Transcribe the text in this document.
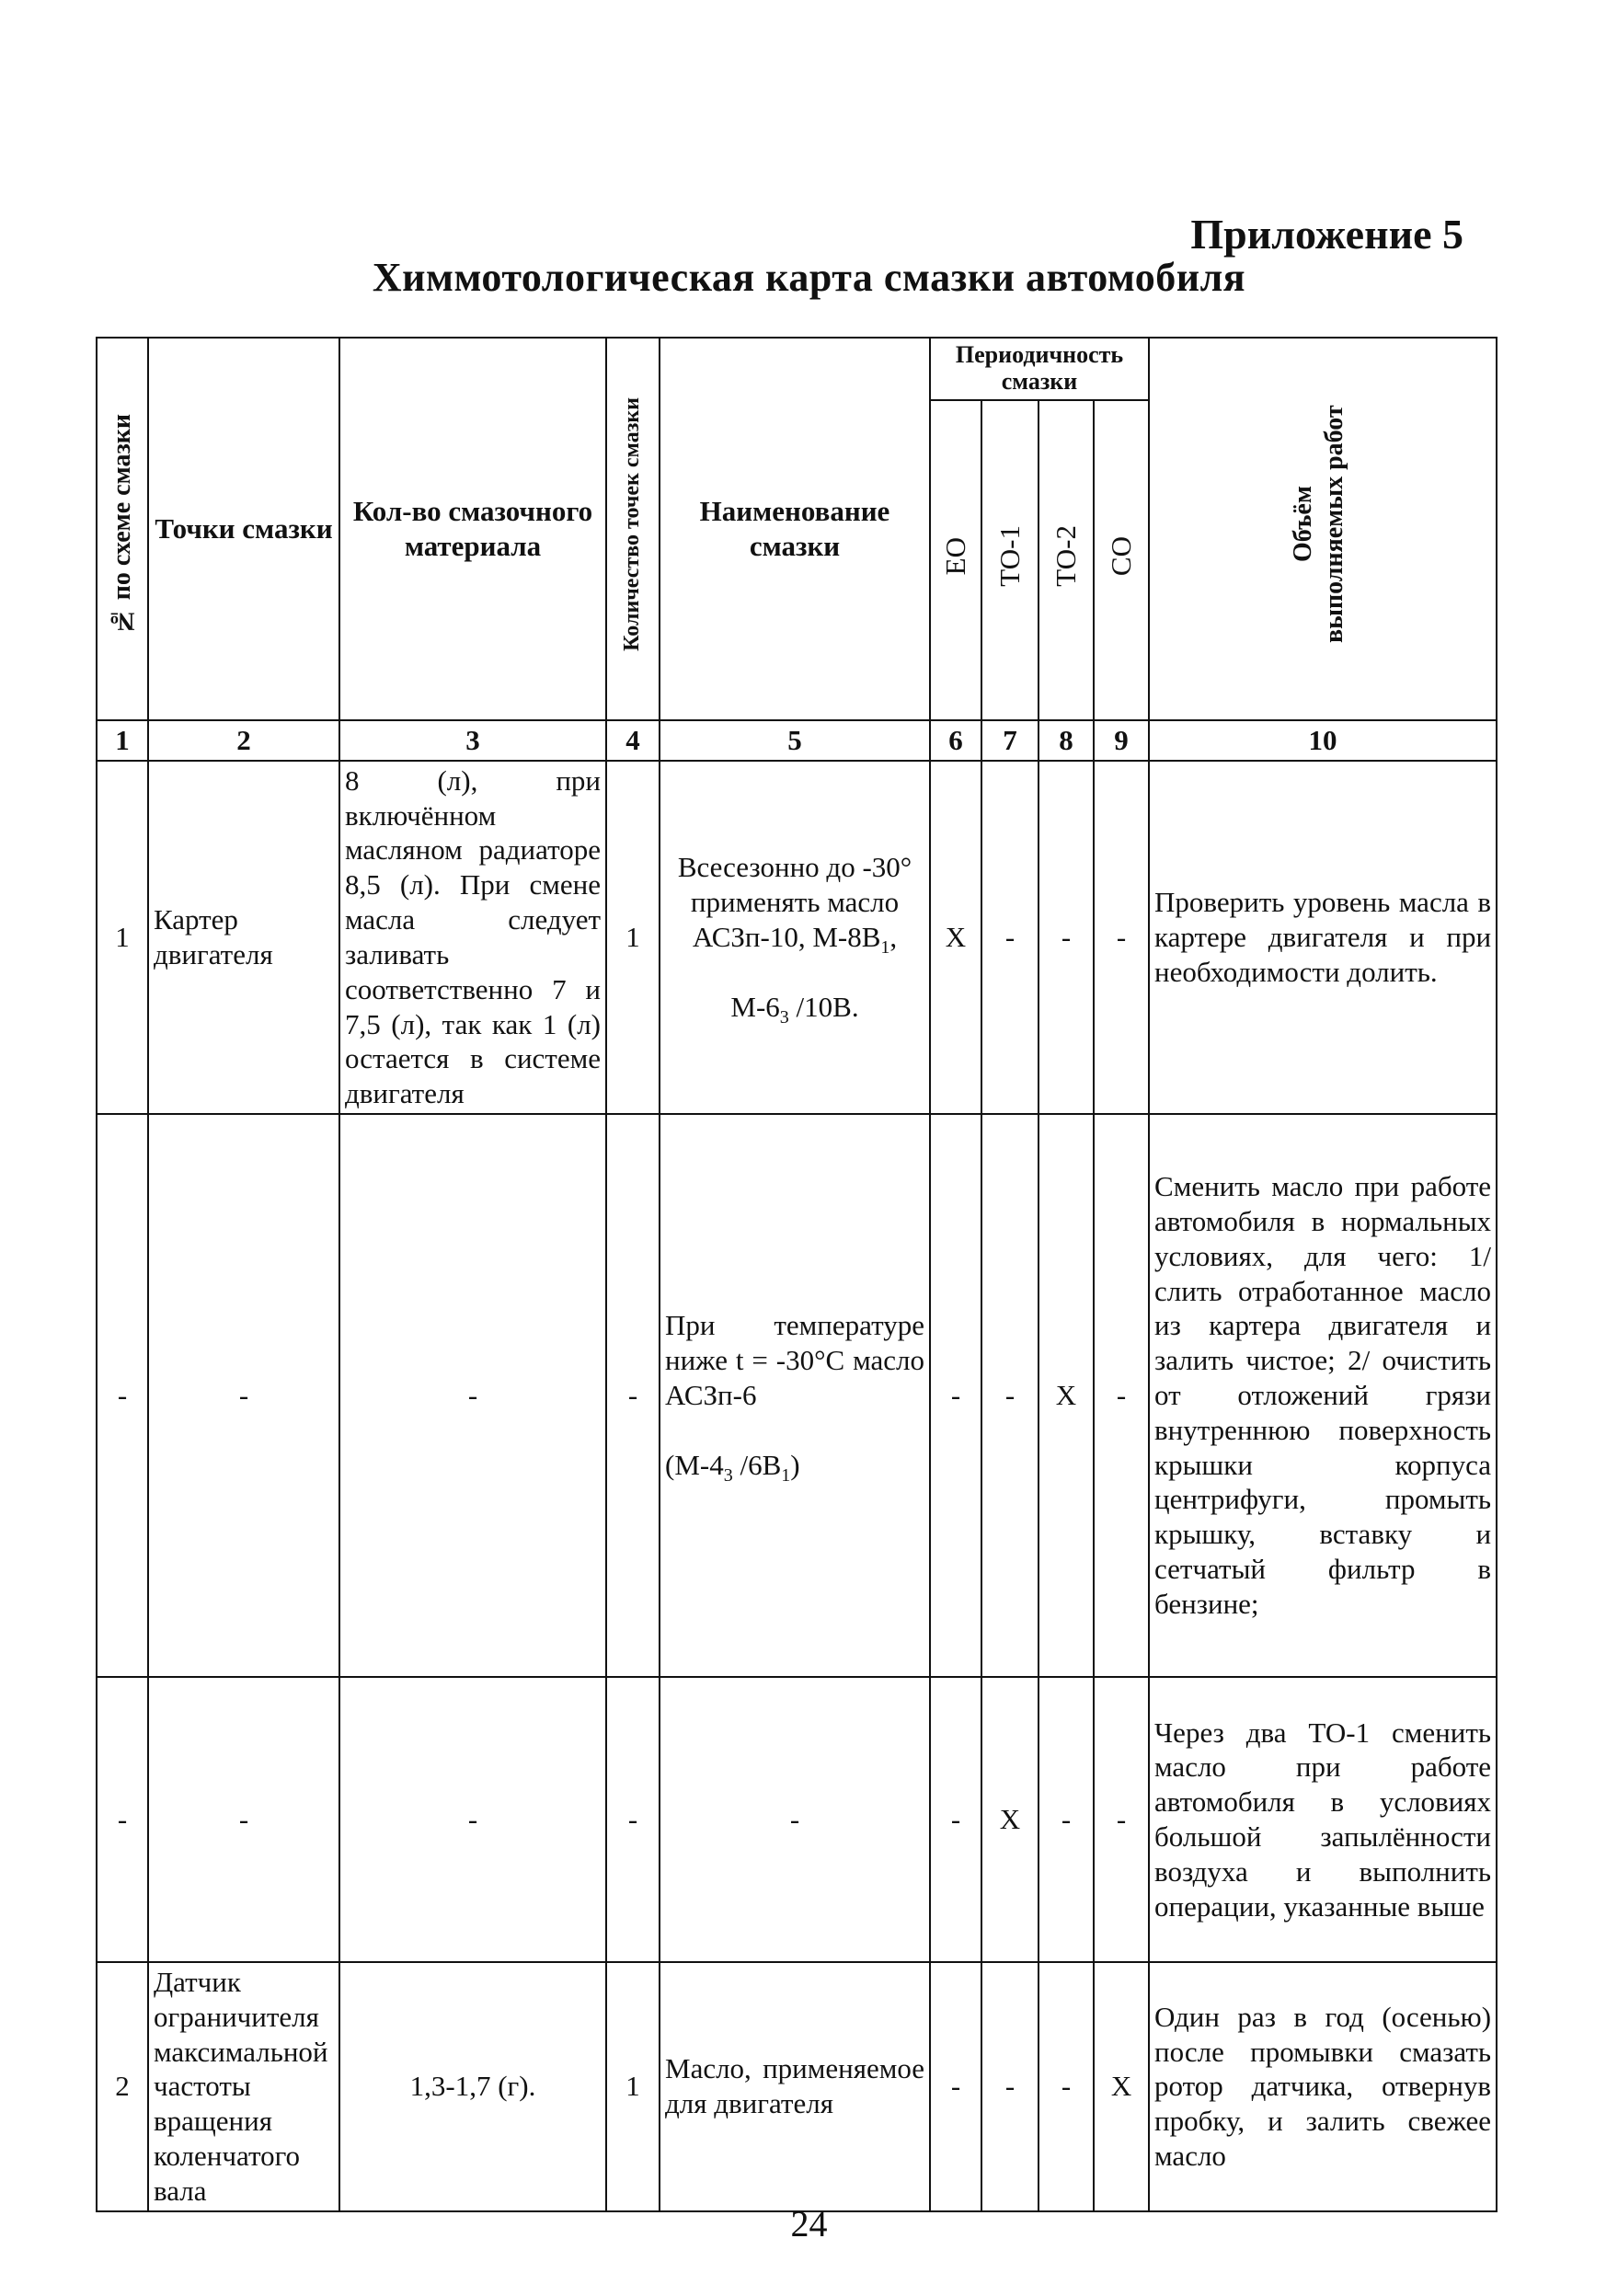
Приложение 5
Химмотологическая карта смазки автомобиля
№ по схеме смазки	Точки смазки	Кол-во смазочного материала	Количество точек смазки	Наименование смазки	Периодичность смазки				Объём выполняемых работ
					ЕО	ТО-1	ТО-2	СО	
1	2	3	4	5	6	7	8	9	10
1	Картер двигателя	8 (л), при включённом масляном радиаторе 8,5 (л). При смене масла следует заливать соответственно 7 и 7,5 (л), так как 1 (л) остается в системе двигателя	1	Всесезонно до -30° применять масло АСЗп-10, $М-8В_1$,

$М-6_3$ /10В.	X	-	-	-	Проверить уровень масла в картере двигателя и при необходимости долить.
-	-	-	-	При температуре ниже t = -30°С масло АСЗп-6

($М-4_3$ $/6В_1$)	-	-	X	-	Сменить масло при работе автомобиля в нормальных условиях, для чего: 1/ слить отработанное масло из картера двигателя и залить чистое; 2/ очистить от отложений грязи внутреннюю поверхность крышки корпуса центрифуги, промыть крышку, вставку и сетчатый фильтр в бензине;
-	-	-	-	-	-	X	-	-	Через два ТО-1 сменить масло при работе автомобиля в условиях большой запылённости воздуха и выполнить операции, указанные выше
2	Датчик ограничителя максимальной частоты вращения коленчатого вала	1,3-1,7 (г).	1	Масло, применяемое для двигателя	-	-	-	X	Один раз в год (осенью) после промывки смазать ротор датчика, отвернув пробку, и залить свежее масло
24
